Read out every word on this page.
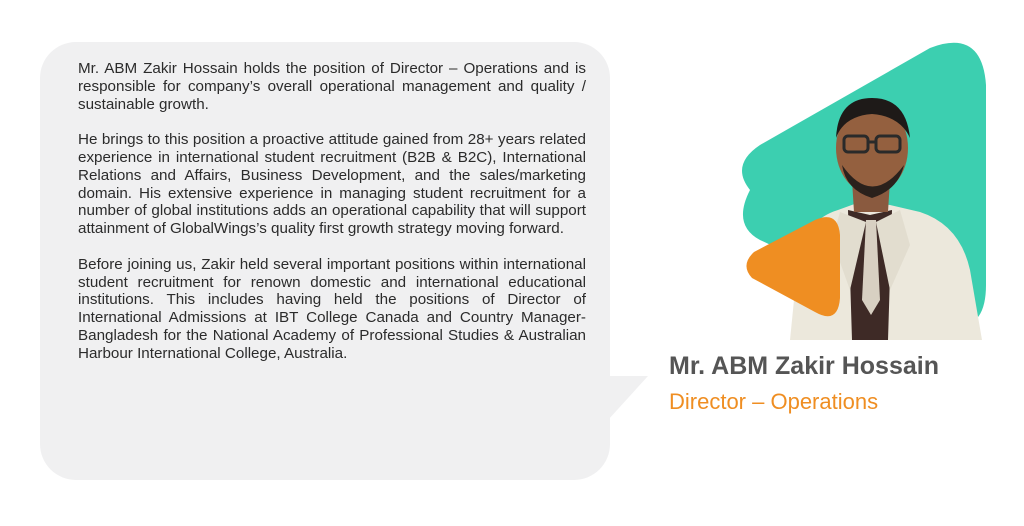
Mr. ABM Zakir Hossain holds the position of Director – Operations and is responsible for company’s overall operational management and quality / sustainable growth.

He brings to this position a proactive attitude gained from 28+ years related experience in international student recruitment (B2B & B2C), International Relations and Affairs, Business Development, and the sales/marketing domain. His extensive experience in managing student recruitment for a number of global institutions adds an operational capability that will support attainment of GlobalWings’s quality first growth strategy moving forward.

Before joining us, Zakir held several important positions within international student recruitment for renown domestic and international educational institutions. This includes having held the positions of Director of International Admissions at IBT College Canada and Country Manager-Bangladesh for the National Academy of Professional Studies & Australian Harbour International College, Australia.	Mr. ABM Zakir Hossain
Director – Operations
